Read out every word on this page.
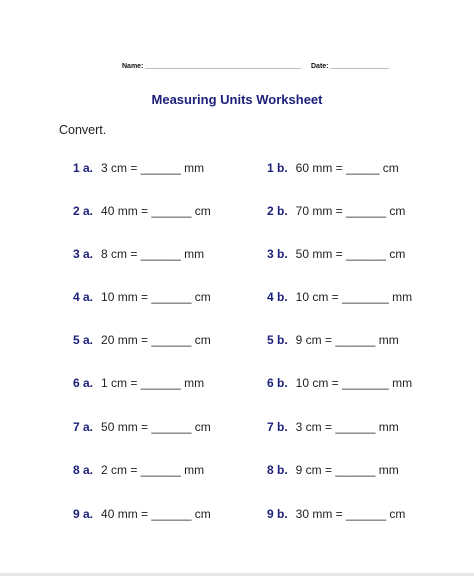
Name: ________________________________________ Date: _______________
Measuring Units Worksheet
Convert.
1 a. 3 cm = ______ mm
2 a. 40 mm = ______ cm
3 a. 8 cm = ______ mm
4 a. 10 mm = ______ cm
5 a. 20 mm = ______ cm
6 a. 1 cm = ______ mm
7 a. 50 mm = ______ cm
8 a. 2 cm = ______ mm
9 a. 40 mm = ______ cm
1 b. 60 mm = _____ cm
2 b. 70 mm = ______ cm
3 b. 50 mm = ______ cm
4 b. 10 cm = _______ mm
5 b. 9 cm = ______ mm
6 b. 10 cm = _______ mm
7 b. 3 cm = ______ mm
8 b. 9 cm = ______ mm
9 b. 30 mm = ______ cm
